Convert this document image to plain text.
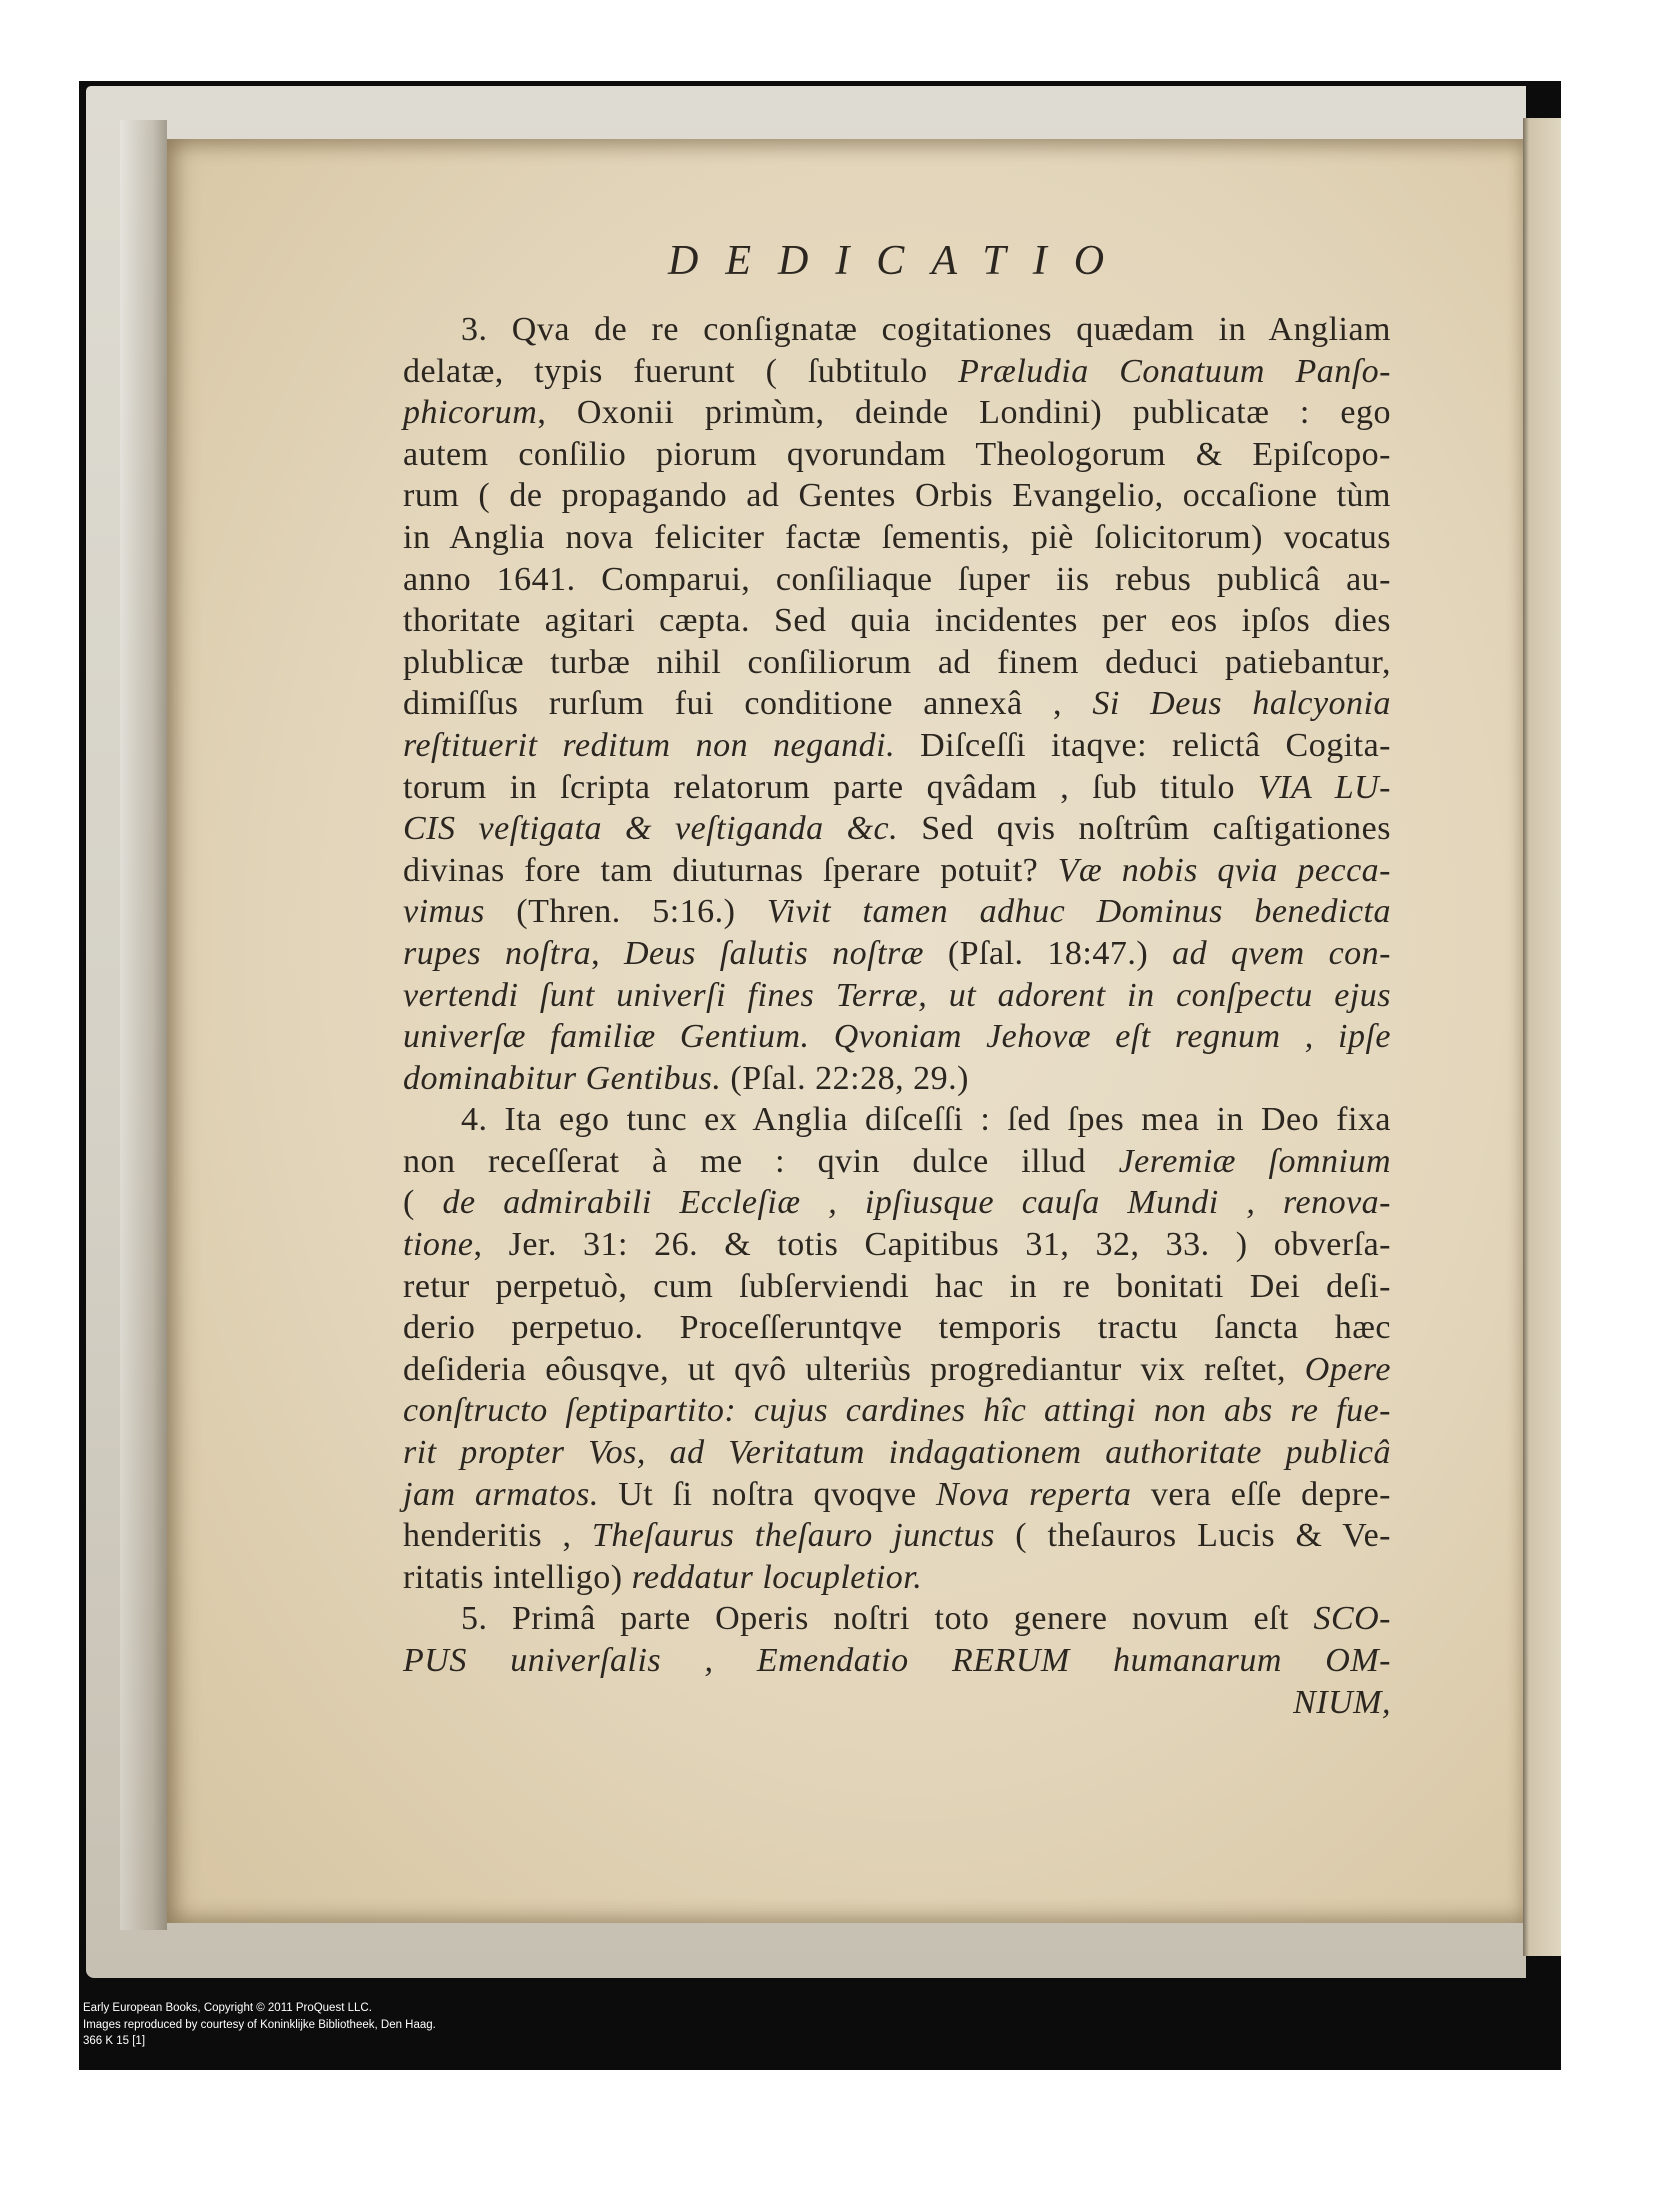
DEDICATIO
3. Qva de re conſignatæ cogitationes quædam in Angliam
delatæ, typis fuerunt ( ſubtitulo Præludia Conatuum Panſo-
phicorum, Oxonii primùm, deinde Londini) publicatæ : ego
autem conſilio piorum qvorundam Theologorum & Epiſcopo-
rum ( de propagando ad Gentes Orbis Evangelio, occaſione tùm
in Anglia nova feliciter factæ ſementis, piè ſolicitorum) vocatus
anno 1641. Comparui, conſiliaque ſuper iis rebus publicâ au-
thoritate agitari cæpta. Sed quia incidentes per eos ipſos dies
plublicæ turbæ nihil conſiliorum ad finem deduci patiebantur,
dimiſſus rurſum fui conditione annexâ , Si Deus halcyonia
reſtituerit reditum non negandi. Diſceſſi itaqve: relictâ Cogita-
torum in ſcripta relatorum parte qvâdam , ſub titulo VIA LU-
CIS veſtigata & veſtiganda &c. Sed qvis noſtrûm caſtigationes
divinas fore tam diuturnas ſperare potuit? Væ nobis qvia pecca-
vimus (Thren. 5:16.) Vivit tamen adhuc Dominus benedicta
rupes noſtra, Deus ſalutis noſtræ (Pſal. 18:47.) ad qvem con-
vertendi ſunt univerſi fines Terræ, ut adorent in conſpectu ejus
univerſæ familiæ Gentium. Qvoniam Jehovæ eſt regnum , ipſe
dominabitur Gentibus. (Pſal. 22:28, 29.)
4. Ita ego tunc ex Anglia diſceſſi : ſed ſpes mea in Deo fixa
non receſſerat à me : qvin dulce illud Jeremiæ ſomnium
( de admirabili Eccleſiæ , ipſiusque cauſa Mundi , renova-
tione, Jer. 31: 26. & totis Capitibus 31, 32, 33. ) obverſa-
retur perpetuò, cum ſubſerviendi hac in re bonitati Dei deſi-
derio perpetuo. Proceſſeruntqve temporis tractu ſancta hæc
deſideria eôusqve, ut qvô ulteriùs progrediantur vix reſtet, Opere
conſtructo ſeptipartito: cujus cardines hîc attingi non abs re fue-
rit propter Vos, ad Veritatum indagationem authoritate publicâ
jam armatos. Ut ſi noſtra qvoqve Nova reperta vera eſſe depre-
henderitis , Theſaurus theſauro junctus ( theſauros Lucis & Ve-
ritatis intelligo) reddatur locupletior.
5. Primâ parte Operis noſtri toto genere novum eſt SCO-
PUS univerſalis , Emendatio RERUM humanarum OM-
NIUM,
Early European Books, Copyright © 2011 ProQuest LLC.
Images reproduced by courtesy of Koninklijke Bibliotheek, Den Haag.
366 K 15 [1]
